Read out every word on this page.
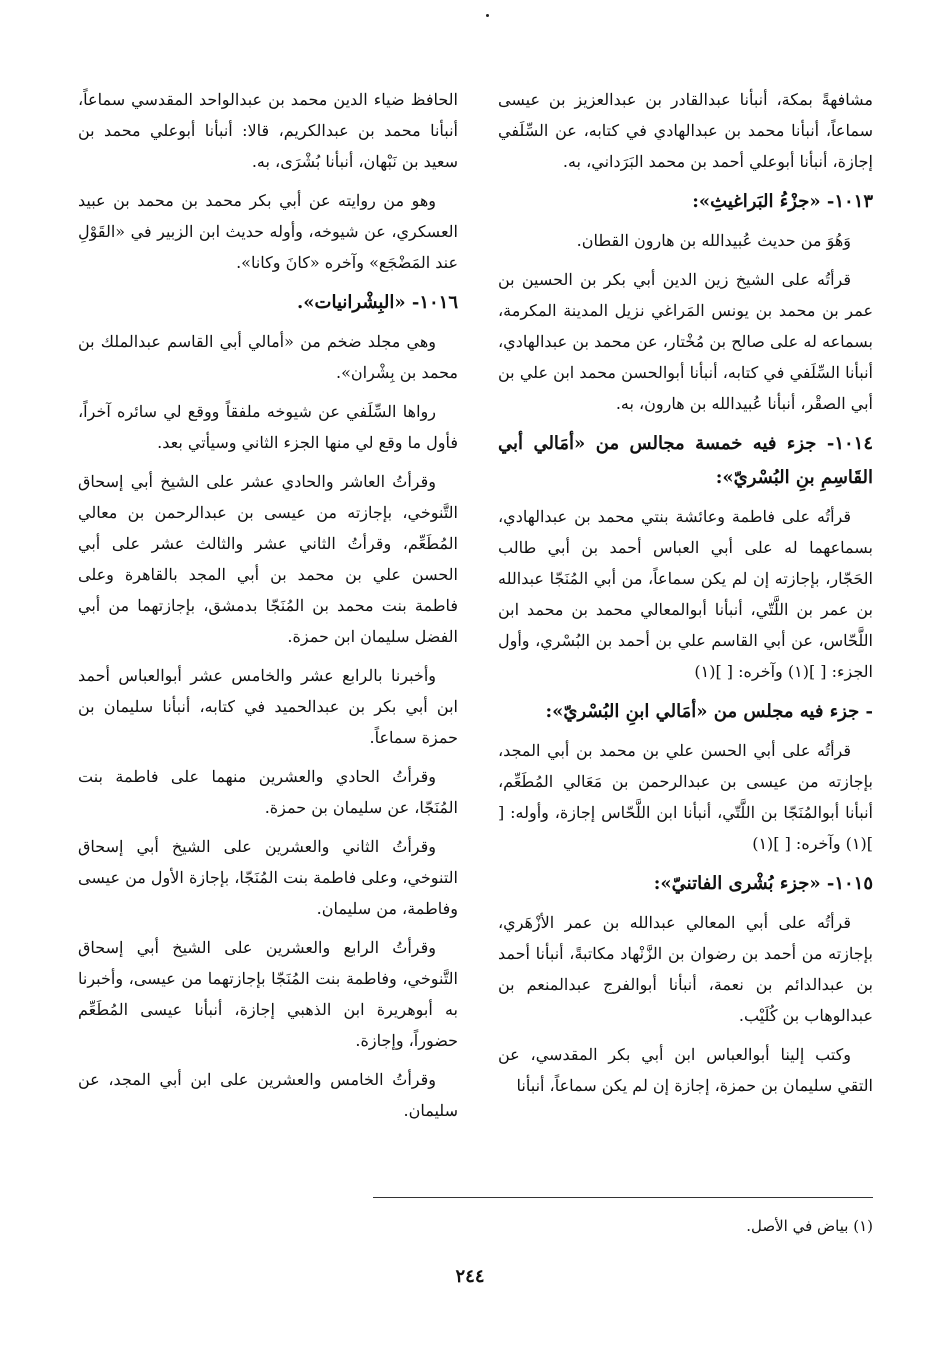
مشافهةً بمكة، أنبأنا عبدالقادر بن عبدالعزيز بن عيسى سماعاً، أنبأنا محمد بن عبدالهادي في كتابه، عن السِّلَفي إجازة، أنبأنا أبوعلي أحمد بن محمد البَرَداني، به.

١٠١٣- «جزْءُ البَراغيثِ»:

وَهُوَ من حديث عُبيدالله بن هارون القطان.

قرأتُه على الشيخ زين الدين أبي بكر بن الحسين بن عمر بن محمد بن يونس المَراغي نزيل المدينة المكرمة، بسماعه له على صالح بن مُخْتار، عن محمد بن عبدالهادي، أنبأنا السِّلَفي في كتابه، أنبأنا أبوالحسن محمد ابن علي بن أبي الصقْر، أنبأنا عُبيدالله بن هارون، به.

١٠١٤- جزء فيه خمسة مجالس من «أمَالي أبي القَاسِمِ بنِ البُسْريّ»:

قرأتُه على فاطمة وعائشة بنتي محمد بن عبدالهادي، بسماعهما له على أبي العباس أحمد بن أبي طالب الحَجّار، بإجازته إن لم يكن سماعاً، من أبي المُنَجّا عبدالله بن عمر بن اللَّتّي، أنبأنا أبوالمعالي محمد بن محمد ابن اللَّحّاس، عن أبي القاسم علي بن أحمد بن البُسْري، وأول الجزء: [ ](١) وآخره: [ ](١)

- جزء فيه مجلس من «أمَالي ابنِ البُسْريّ»:

قرأتُه على أبي الحسن علي بن محمد بن أبي المجد، بإجازته من عيسى بن عبدالرحمن بن مَعَالي المُطَعِّم، أنبأنا أبوالمُنَجّا بن اللَّتّي، أنبأنا ابن اللَّحّاس إجازة، وأوله: [ ](١) وآخره: [ ](١)

١٠١٥- «جزء بُشْرى الفاتنيّ»:

قرأتُه على أبي المعالي عبدالله بن عمر الأزْهَري، بإجازته من أحمد بن رضوان بن الزَّنْهاد مكاتبةً، أنبأنا أحمد بن عبدالدائم بن نعمة، أنبأنا أبوالفرج عبدالمنعم بن عبدالوهاب بن كُلَيْب.

وكتب إلينا أبوالعباس ابن أبي بكر المقدسي، عن التقي سليمان بن حمزة، إجازة إن لم يكن سماعاً، أنبأنا

الحافظ ضياء الدين محمد بن عبدالواحد المقدسي سماعاً، أنبأنا محمد بن عبدالكريم، قالا: أنبأنا أبوعلي محمد بن سعيد بن نَبْهان، أنبأنا بُشْرَى، به.

وهو من روايته عن أبي بكر محمد بن محمد بن عبيد العسكري، عن شيوخه، وأوله حديث ابن الزبير في «القَوْلِ عند المَضْجَع» وآخره «كانَ وكانا».

١٠١٦- «البِشْرانيات».

وهي مجلد ضخم من «أمالي أبي القاسم عبدالملك بن محمد بن بِشْران».

رواها السِّلَفي عن شيوخه ملفقاً ووقع لي سائره آخراً، فأول ما وقع لي منها الجزء الثاني وسيأتي بعد.

وقرأتُ العاشر والحادي عشر على الشيخ أبي إسحاق التَّنوخي، بإجازته من عيسى بن عبدالرحمن بن معالي المُطَعِّم، وقرأتُ الثاني عشر والثالث عشر على أبي الحسن علي بن محمد بن أبي المجد بالقاهرة وعلى فاطمة بنت محمد بن المُنَجّا بدمشق، بإجازتهما من أبي الفضل سليمان ابن حمزة.

وأخبرنا بالرابع عشر والخامس عشر أبوالعباس أحمد ابن أبي بكر بن عبدالحميد في كتابه، أنبأنا سليمان بن حمزة سماعاً.

وقرأتُ الحادي والعشرين منهما على فاطمة بنت المُنَجّا، عن سليمان بن حمزة.

وقرأتُ الثاني والعشرين على الشيخ أبي إسحاق التنوخي، وعلى فاطمة بنت المُنَجّا، بإجازة الأول من عيسى وفاطمة، من سليمان.

وقرأتُ الرابع والعشرين على الشيخ أبي إسحاق التَّنوخي، وفاطمة بنت المُنَجّا بإجازتهما من عيسى، وأخبرنا به أبوهريرة ابن الذهبي إجازة، أنبأنا عيسى المُطَعِّم حضوراً، وإجازة.

وقرأتُ الخامس والعشرين على ابن أبي المجد، عن سليمان.

(١) بياض في الأصل.
٢٤٤
